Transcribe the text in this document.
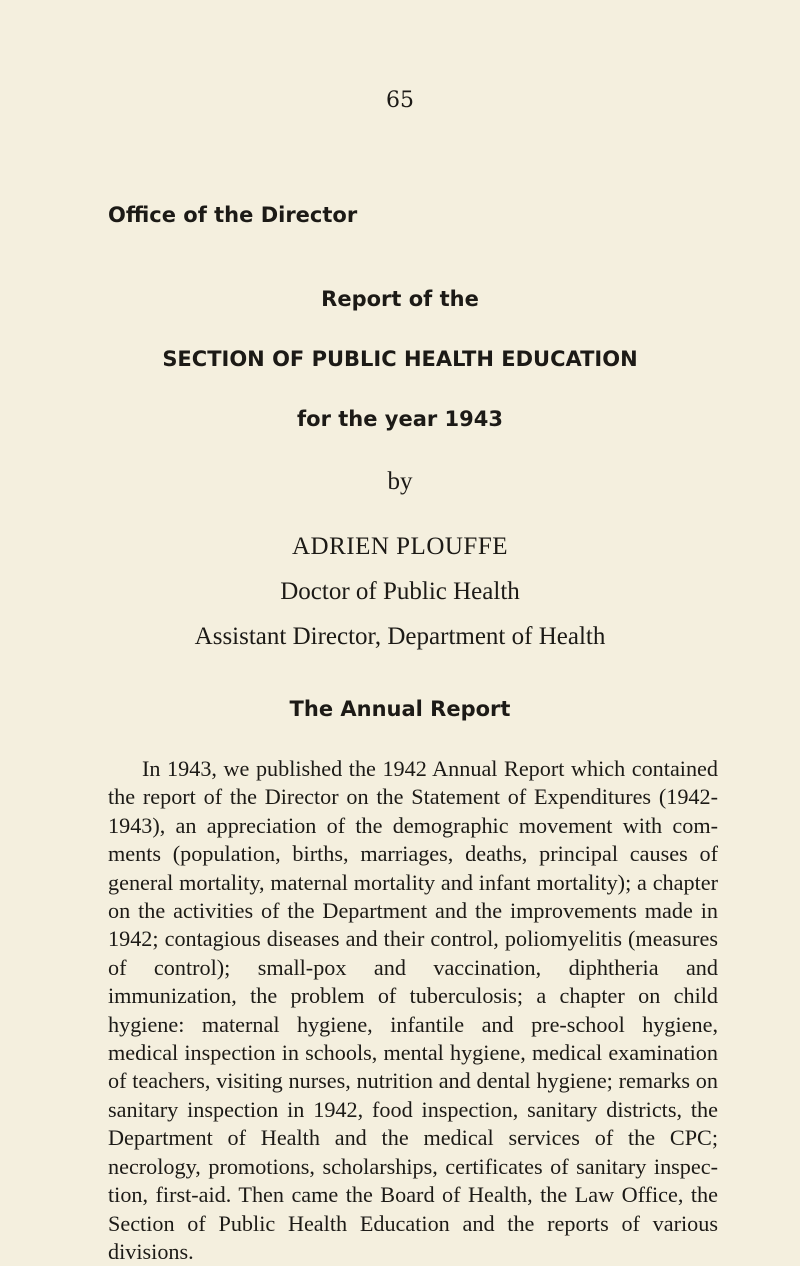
65
Office of the Director
Report of the
SECTION OF PUBLIC HEALTH EDUCATION
for the year 1943
by
ADRIEN PLOUFFE
Doctor of Public Health
Assistant Director, Department of Health
The Annual Report

In 1943, we published the 1942 Annual Report which contained the report of the Director on the Statement of Expenditures (1942-1943), an appreciation of the demographic movement with comments (population, births, marriages, deaths, principal causes of general mortality, maternal mortality and infant mortality); a chapter on the activities of the Department and the improvements made in 1942; contagious diseases and their control, poliomyelitis (measures of control); small-pox and vaccination, diphtheria and immunization, the problem of tuberculosis; a chapter on child hygiene: maternal hygiene, infantile and pre-school hygiene, medical inspection in schools, mental hygiene, medical examination of teachers, visiting nurses, nutrition and dental hygiene; remarks on sanitary inspection in 1942, food inspection, sanitary districts, the Department of Health and the medical services of the CPC; necrology, promotions, scholarships, certificates of sanitary inspection, first-aid. Then came the Board of Health, the Law Office, the Section of Public Health Education and the reports of various divisions.
